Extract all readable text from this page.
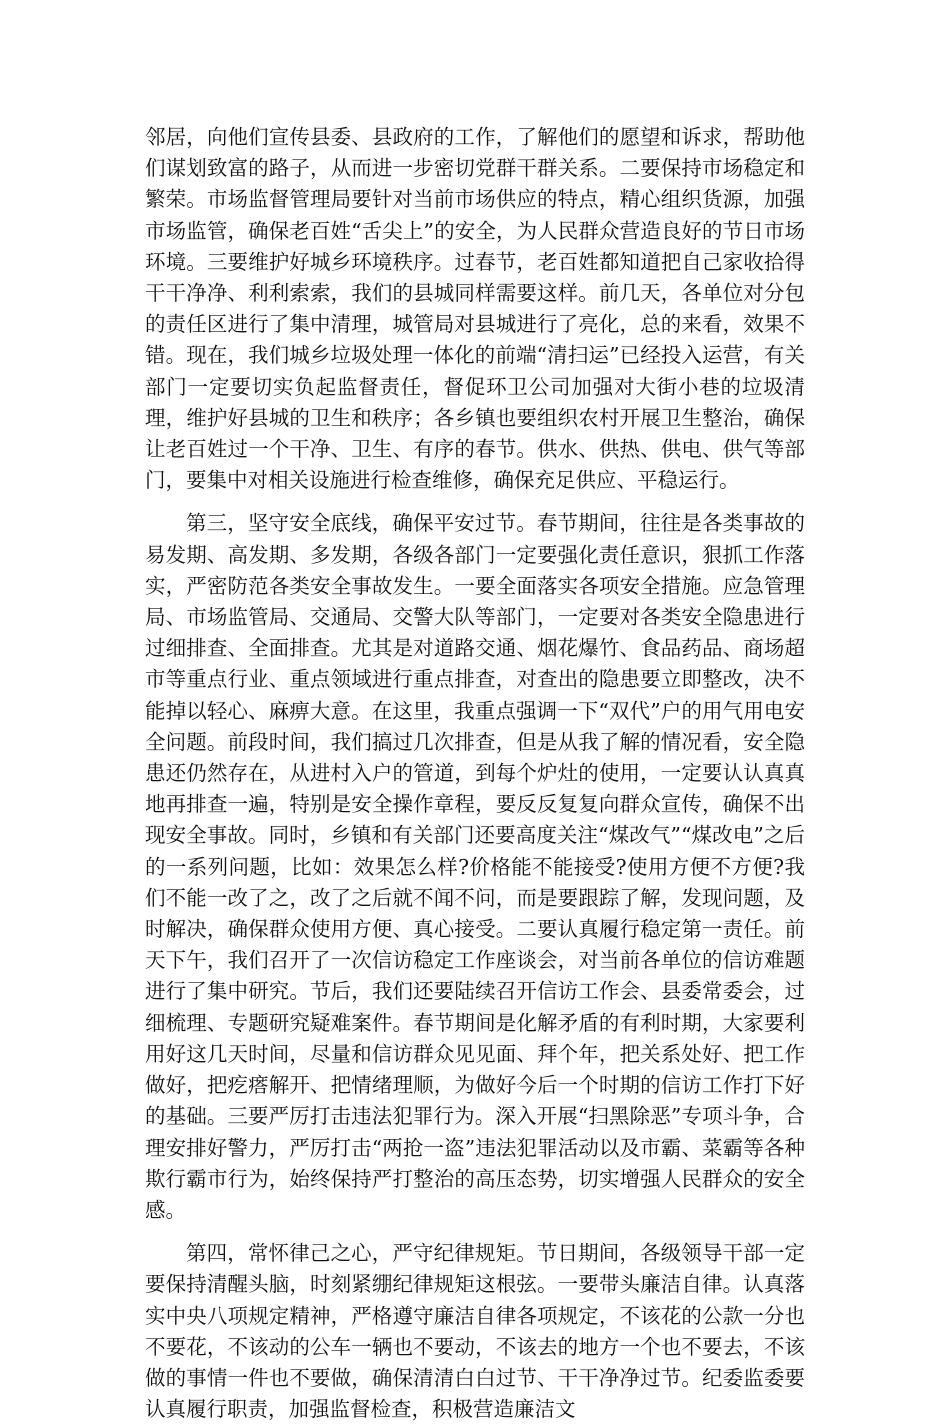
邻居，向他们宣传县委、县政府的工作，了解他们的愿望和诉求，帮助他们谋划致富的路子，从而进一步密切党群干群关系。二要保持市场稳定和繁荣。市场监督管理局要针对当前市场供应的特点，精心组织货源，加强市场监管，确保老百姓“舌尖上”的安全，为人民群众营造良好的节日市场环境。三要维护好城乡环境秩序。过春节，老百姓都知道把自己家收拾得干干净净、利利索索，我们的县城同样需要这样。前几天，各单位对分包的责任区进行了集中清理，城管局对县城进行了亮化，总的来看，效果不错。现在，我们城乡垃圾处理一体化的前端“清扫运”已经投入运营，有关部门一定要切实负起监督责任，督促环卫公司加强对大街小巷的垃圾清理，维护好县城的卫生和秩序；各乡镇也要组织农村开展卫生整治，确保让老百姓过一个干净、卫生、有序的春节。供水、供热、供电、供气等部门，要集中对相关设施进行检查维修，确保充足供应、平稳运行。

第三，坚守安全底线，确保平安过节。春节期间，往往是各类事故的易发期、高发期、多发期，各级各部门一定要强化责任意识，狠抓工作落实，严密防范各类安全事故发生。一要全面落实各项安全措施。应急管理局、市场监管局、交通局、交警大队等部门，一定要对各类安全隐患进行过细排查、全面排查。尤其是对道路交通、烟花爆竹、食品药品、商场超市等重点行业、重点领域进行重点排查，对查出的隐患要立即整改，决不能掉以轻心、麻痹大意。在这里，我重点强调一下“双代”户的用气用电安全问题。前段时间，我们搞过几次排查，但是从我了解的情况看，安全隐患还仍然存在，从进村入户的管道，到每个炉灶的使用，一定要认认真真地再排查一遍，特别是安全操作章程，要反反复复向群众宣传，确保不出现安全事故。同时，乡镇和有关部门还要高度关注“煤改气”“煤改电”之后的一系列问题，比如：效果怎么样?价格能不能接受?使用方便不方便?我们不能一改了之，改了之后就不闻不问，而是要跟踪了解，发现问题，及时解决，确保群众使用方便、真心接受。二要认真履行稳定第一责任。前天下午，我们召开了一次信访稳定工作座谈会，对当前各单位的信访难题进行了集中研究。节后，我们还要陆续召开信访工作会、县委常委会，过细梳理、专题研究疑难案件。春节期间是化解矛盾的有利时期，大家要利用好这几天时间，尽量和信访群众见见面、拜个年，把关系处好、把工作做好，把疙瘩解开、把情绪理顺，为做好今后一个时期的信访工作打下好的基础。三要严厉打击违法犯罪行为。深入开展“扫黑除恶”专项斗争，合理安排好警力，严厉打击“两抢一盗”违法犯罪活动以及市霸、菜霸等各种欺行霸市行为，始终保持严打整治的高压态势，切实增强人民群众的安全感。

第四，常怀律己之心，严守纪律规矩。节日期间，各级领导干部一定要保持清醒头脑，时刻紧绷纪律规矩这根弦。一要带头廉洁自律。认真落实中央八项规定精神，严格遵守廉洁自律各项规定，不该花的公款一分也不要花，不该动的公车一辆也不要动，不该去的地方一个也不要去，不该做的事情一件也不要做，确保清清白白过节、干干净净过节。纪委监委要认真履行职责，加强监督检查，积极营造廉洁文
